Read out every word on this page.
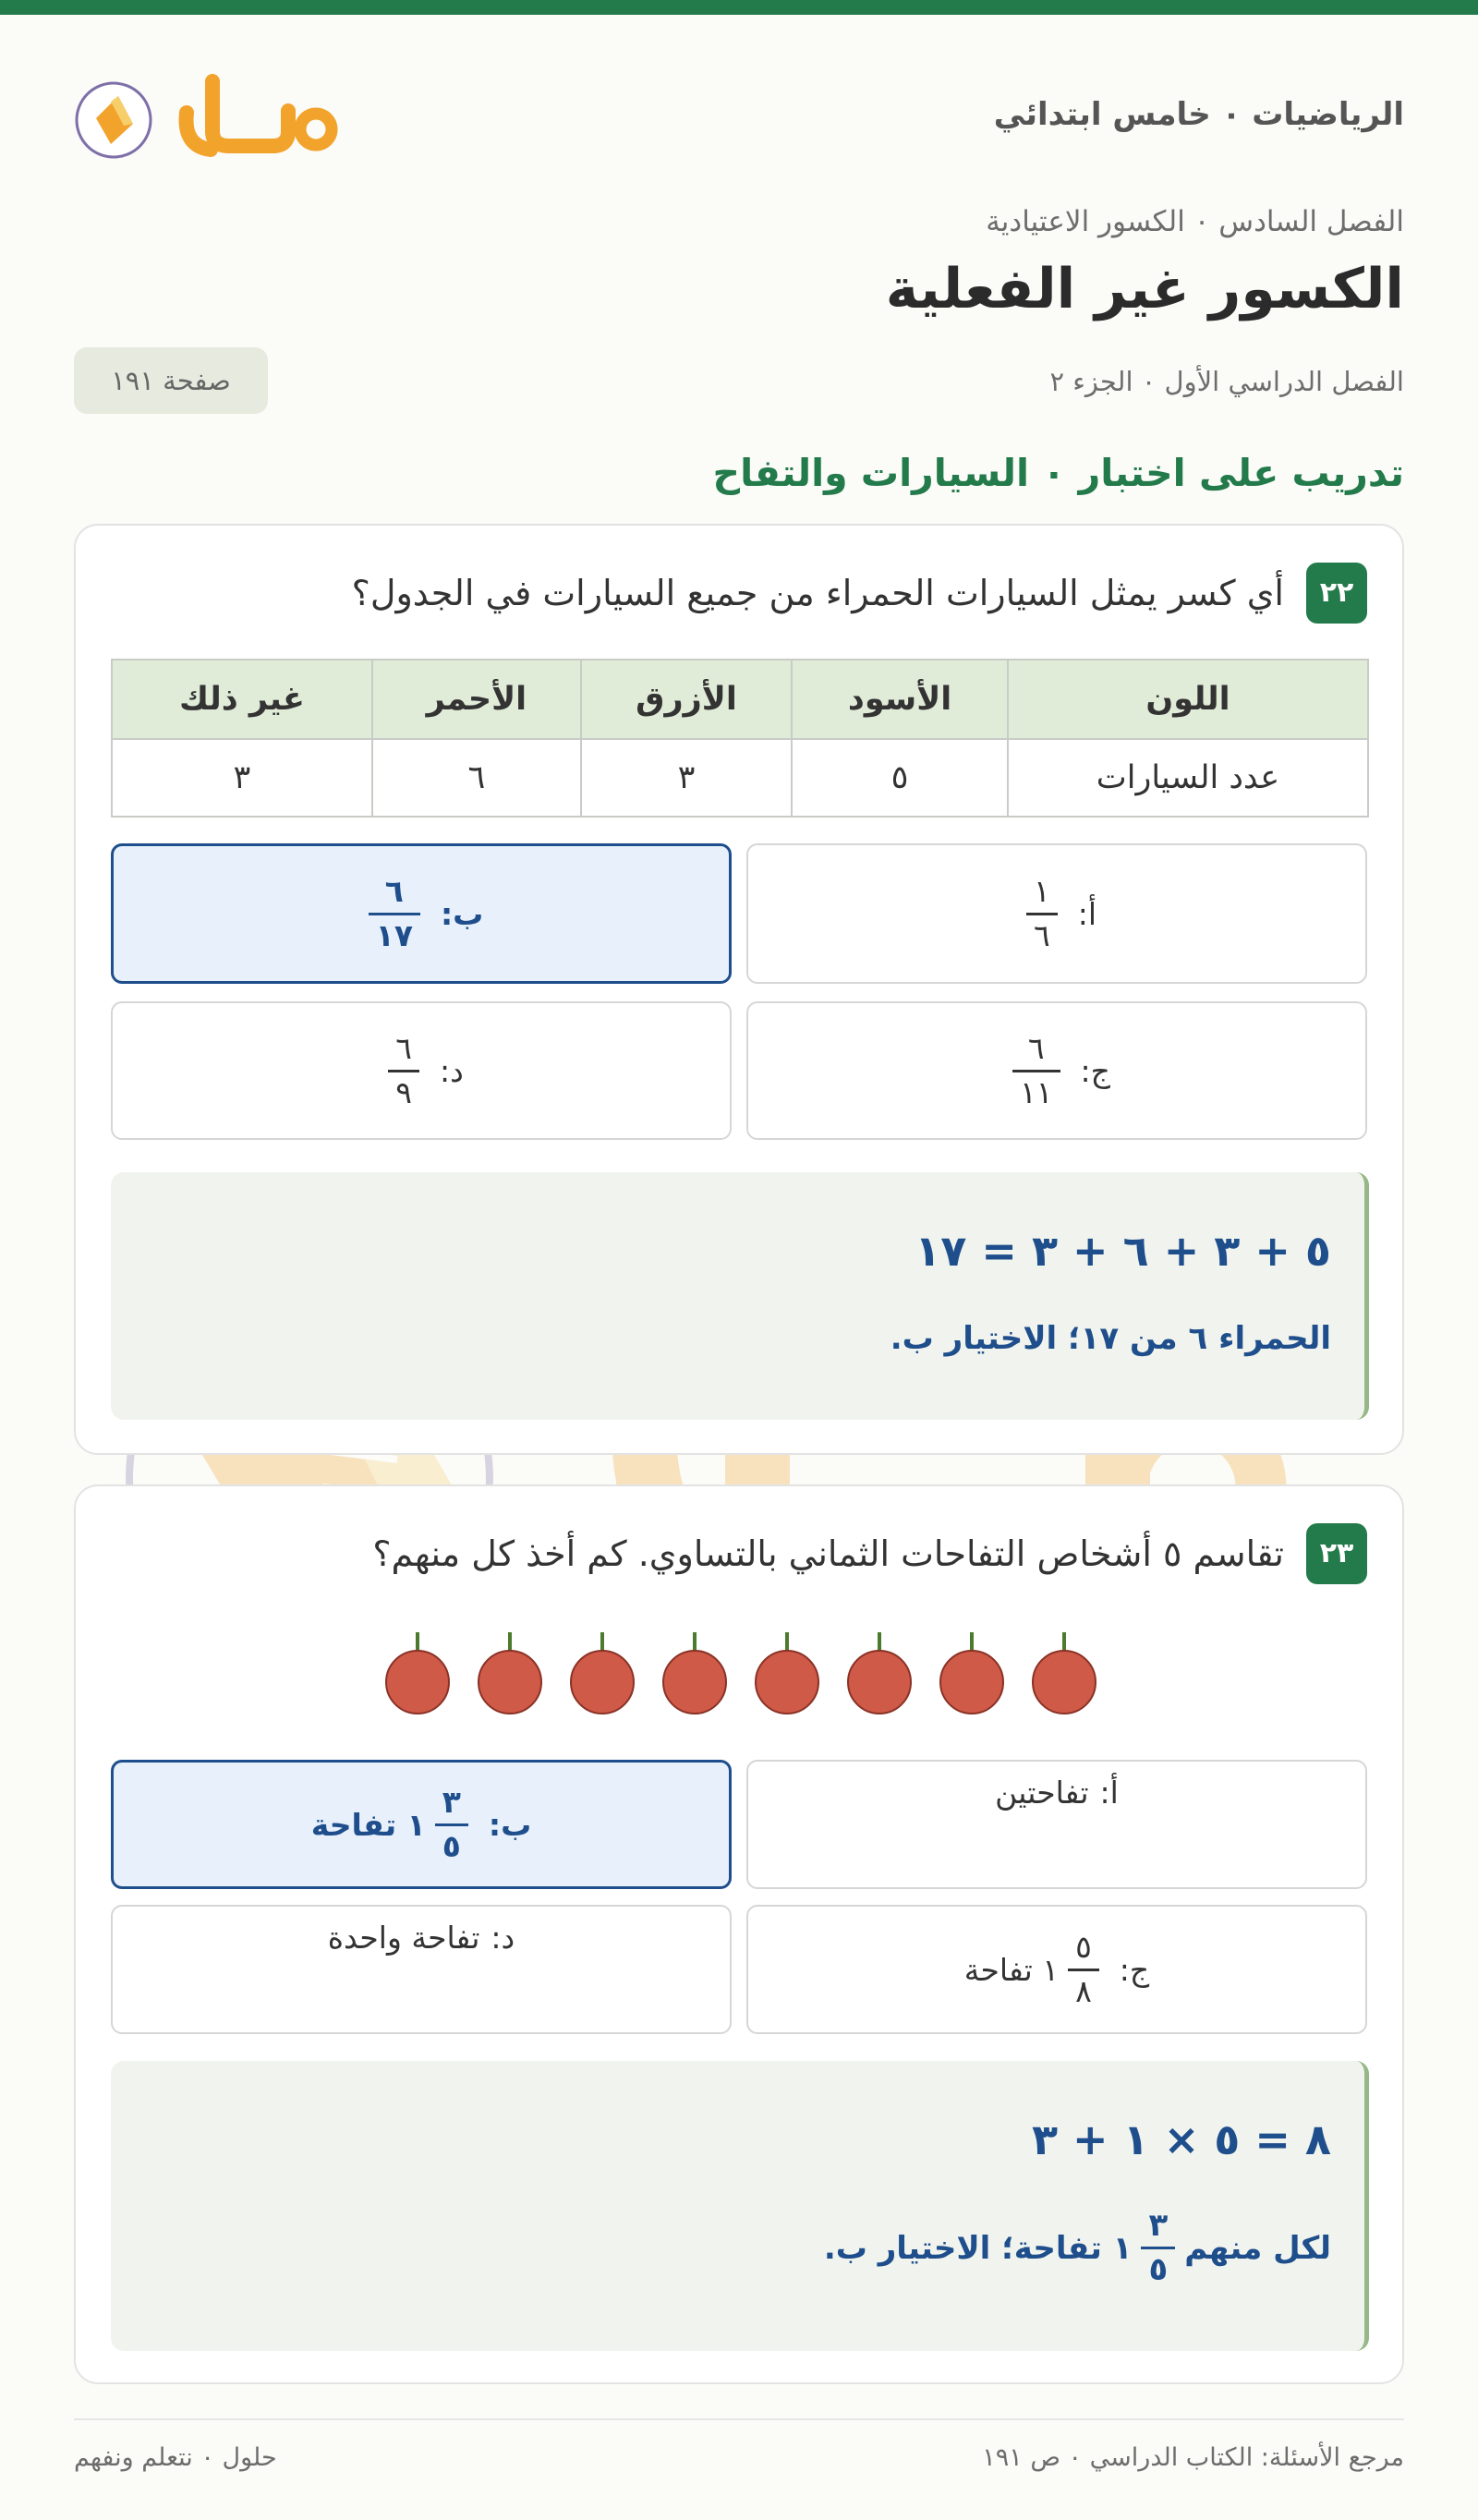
الرياضيات ٠ خامس ابتدائي
الفصل السادس ٠ الكسور الاعتيادية
الكسور غير الفعلية
الفصل الدراسي الأول ٠ الجزء ٢
صفحة ١٩١
تدريب على اختبار ٠ السيارات والتفاح
٢٢
أي كسر يمثل السيارات الحمراء من جميع السيارات في الجدول؟
اللون	الأسود	الأزرق	الأحمر	غير ذلك
عدد السيارات	٥	٣	٦	٣
أ:
$\frac{١}{٦}$
ب:
$\frac{٦}{١٧}$
ج:
$\frac{٦}{١١}$
د:
$\frac{٦}{٩}$
٥ + ٣ + ٦ + ٣ = ١٧
الحمراء ٦ من ١٧؛ الاختيار ب.
٢٣
تقاسم ٥ أشخاص التفاحات الثماني بالتساوي. كم أخذ كل منهم؟
أ:
تفاحتين
ب:
$\frac{٣}{٥}$
١

تفاحة
ج:
$\frac{٥}{٨}$
١

تفاحة
د:
تفاحة واحدة
٨ = ٥ × ١ + ٣
لكل منهم
$\frac{٣}{٥}$
١ تفاحة؛ الاختيار ب.
مرجع الأسئلة: الكتاب الدراسي ٠ ص ١٩١
حلول ٠ نتعلم ونفهم
